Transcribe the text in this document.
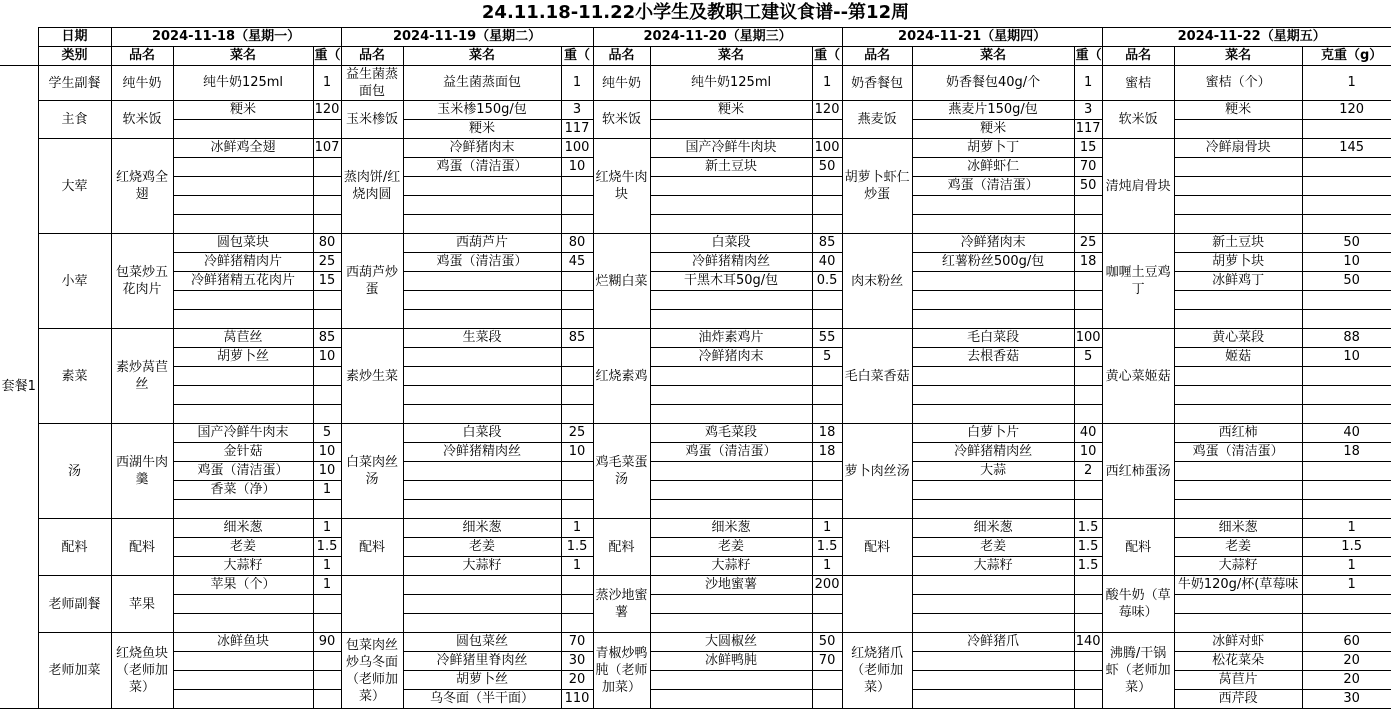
24.11.18-11.22小学生及教职工建议食谱--第12周
	日期	2024-11-18（星期一）			2024-11-19（星期二）			2024-11-20（星期三）			2024-11-21（星期四）			2024-11-22（星期五）		
	类别	品名	菜名	重（	品名	菜名	重（	品名	菜名	重（	品名	菜名	重（	品名	菜名	克重（g）
套餐1	学生副餐	纯牛奶	纯牛奶125ml	1	益生菌蒸面包	益生菌蒸面包	1	纯牛奶	纯牛奶125ml	1	奶香餐包	奶香餐包40g/个	1	蜜桔	蜜桔（个）	1
	主食	软米饭	粳米	120	玉米椮饭	玉米椮150g/包	3	软米饭	粳米	120	燕麦饭	燕麦片150g/包	3	软米饭	粳米	120
						粳米	117					粳米	117			
	大荤	红烧鸡全翅	冰鲜鸡全翅	107	蒸肉饼/红烧肉圆	冷鲜猪肉末	100	红烧牛肉块	国产冷鲜牛肉块	100	胡萝卜虾仁炒蛋	胡萝卜丁	15	清炖肩骨块	冷鲜扇骨块	145
						鸡蛋（清洁蛋）	10		新土豆块	50		冰鲜虾仁	70			
												鸡蛋（清洁蛋）	50			

	小荤	包菜炒五花肉片	圆包菜块	80	西葫芦炒蛋	西葫芦片	80	烂糊白菜	白菜段	85	肉末粉丝	冷鲜猪肉末	25	咖喱土豆鸡丁	新土豆块	50
			冷鲜猪精肉片	25		鸡蛋（清洁蛋）	45		冷鲜猪精肉丝	40		红薯粉丝500g/包	18		胡萝卜块	10
			冷鲜猪精五花肉片	15					干黑木耳50g/包	0.5					冰鲜鸡丁	50

	素菜	素炒莴苣丝	莴苣丝	85	素炒生菜	生菜段	85	红烧素鸡	油炸素鸡片	55	毛白菜香菇	毛白菜段	100	黄心菜姬菇	黄心菜段	88
			胡萝卜丝	10					冷鲜猪肉末	5		去根香菇	5		姬菇	10

	汤	西湖牛肉羹	国产冷鲜牛肉末	5	白菜肉丝汤	白菜段	25	鸡毛菜蛋汤	鸡毛菜段	18	萝卜肉丝汤	白萝卜片	40	西红柿蛋汤	西红柿	40
			金针菇	10		冷鲜猪精肉丝	10		鸡蛋（清洁蛋）	18		冷鲜猪精肉丝	10		鸡蛋（清洁蛋）	18
			鸡蛋（清洁蛋）	10								大蒜	2			
			香菜（净）	1												

	配料	配料	细米葱	1	配料	细米葱	1	配料	细米葱	1	配料	细米葱	1.5	配料	细米葱	1
			老姜	1.5		老姜	1.5		老姜	1.5		老姜	1.5		老姜	1.5
			大蒜籽	1		大蒜籽	1		大蒜籽	1		大蒜籽	1.5		大蒜籽	1
	老师副餐	苹果	苹果（个）	1				蒸沙地蜜薯	沙地蜜薯	200				酸牛奶（草莓味）	牛奶120g/杯(草莓味	1

	老师加菜	红烧鱼块（老师加菜）	冰鲜鱼块	90	包菜肉丝炒乌冬面（老师加菜）	圆包菜丝	70	青椒炒鸭肫（老师加菜）	大圆椒丝	50	红烧猪爪（老师加菜）	冷鲜猪爪	140	沸腾/干锅虾（老师加菜）	冰鲜对虾	60
						冷鲜猪里脊肉丝	30		冰鲜鸭肫	70					松花菜朵	20
						胡萝卜丝	20								莴苣片	20
						乌冬面（半干面）	110								西芹段	30
